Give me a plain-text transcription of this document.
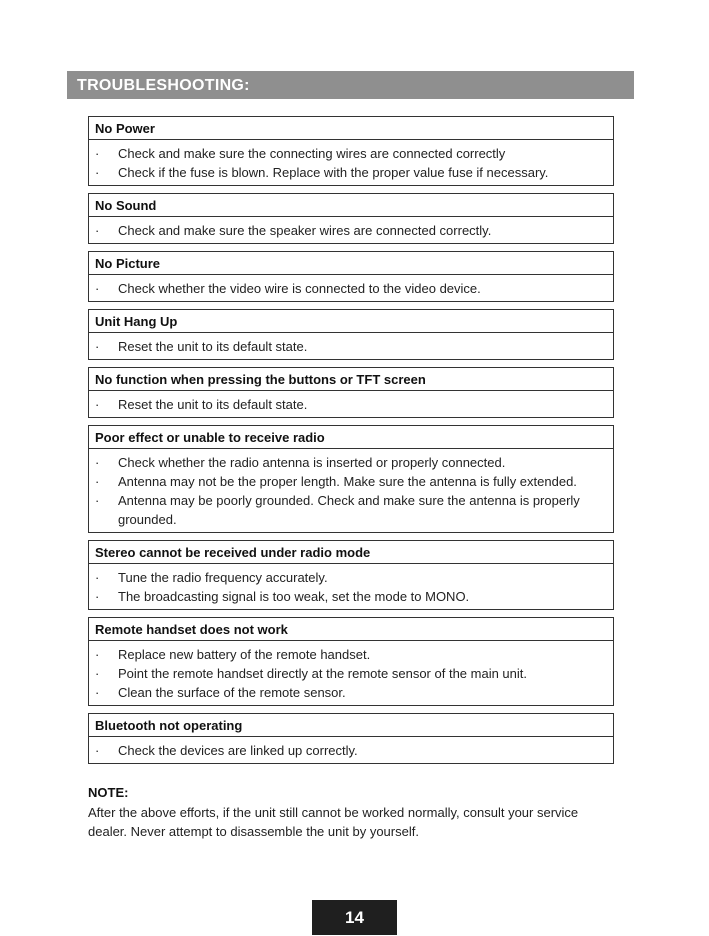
TROUBLESHOOTING:
No Power
· Check and make sure the connecting wires are connected correctly
· Check if the fuse is blown. Replace with the proper value fuse if necessary.
No Sound
· Check and make sure the speaker wires are connected correctly.
No Picture
· Check whether the video wire is connected to the video device.
Unit Hang Up
· Reset the unit to its default state.
No function when pressing the buttons or TFT screen
· Reset the unit to its default state.
Poor effect or unable to receive radio
· Check whether the radio antenna is inserted or properly connected.
· Antenna may not be the proper length. Make sure the antenna is fully extended.
· Antenna may be poorly grounded. Check and make sure the antenna is properly grounded.
Stereo cannot be received under radio mode
· Tune the radio frequency accurately.
· The broadcasting signal is too weak, set the mode to MONO.
Remote handset does not work
· Replace new battery of the remote handset.
· Point the remote handset directly at the remote sensor of the main unit.
· Clean the surface of the remote sensor.
Bluetooth not operating
· Check the devices are linked up correctly.
NOTE:
After the above efforts, if the unit still cannot be worked normally, consult your service dealer. Never attempt to disassemble the unit by yourself.
14
